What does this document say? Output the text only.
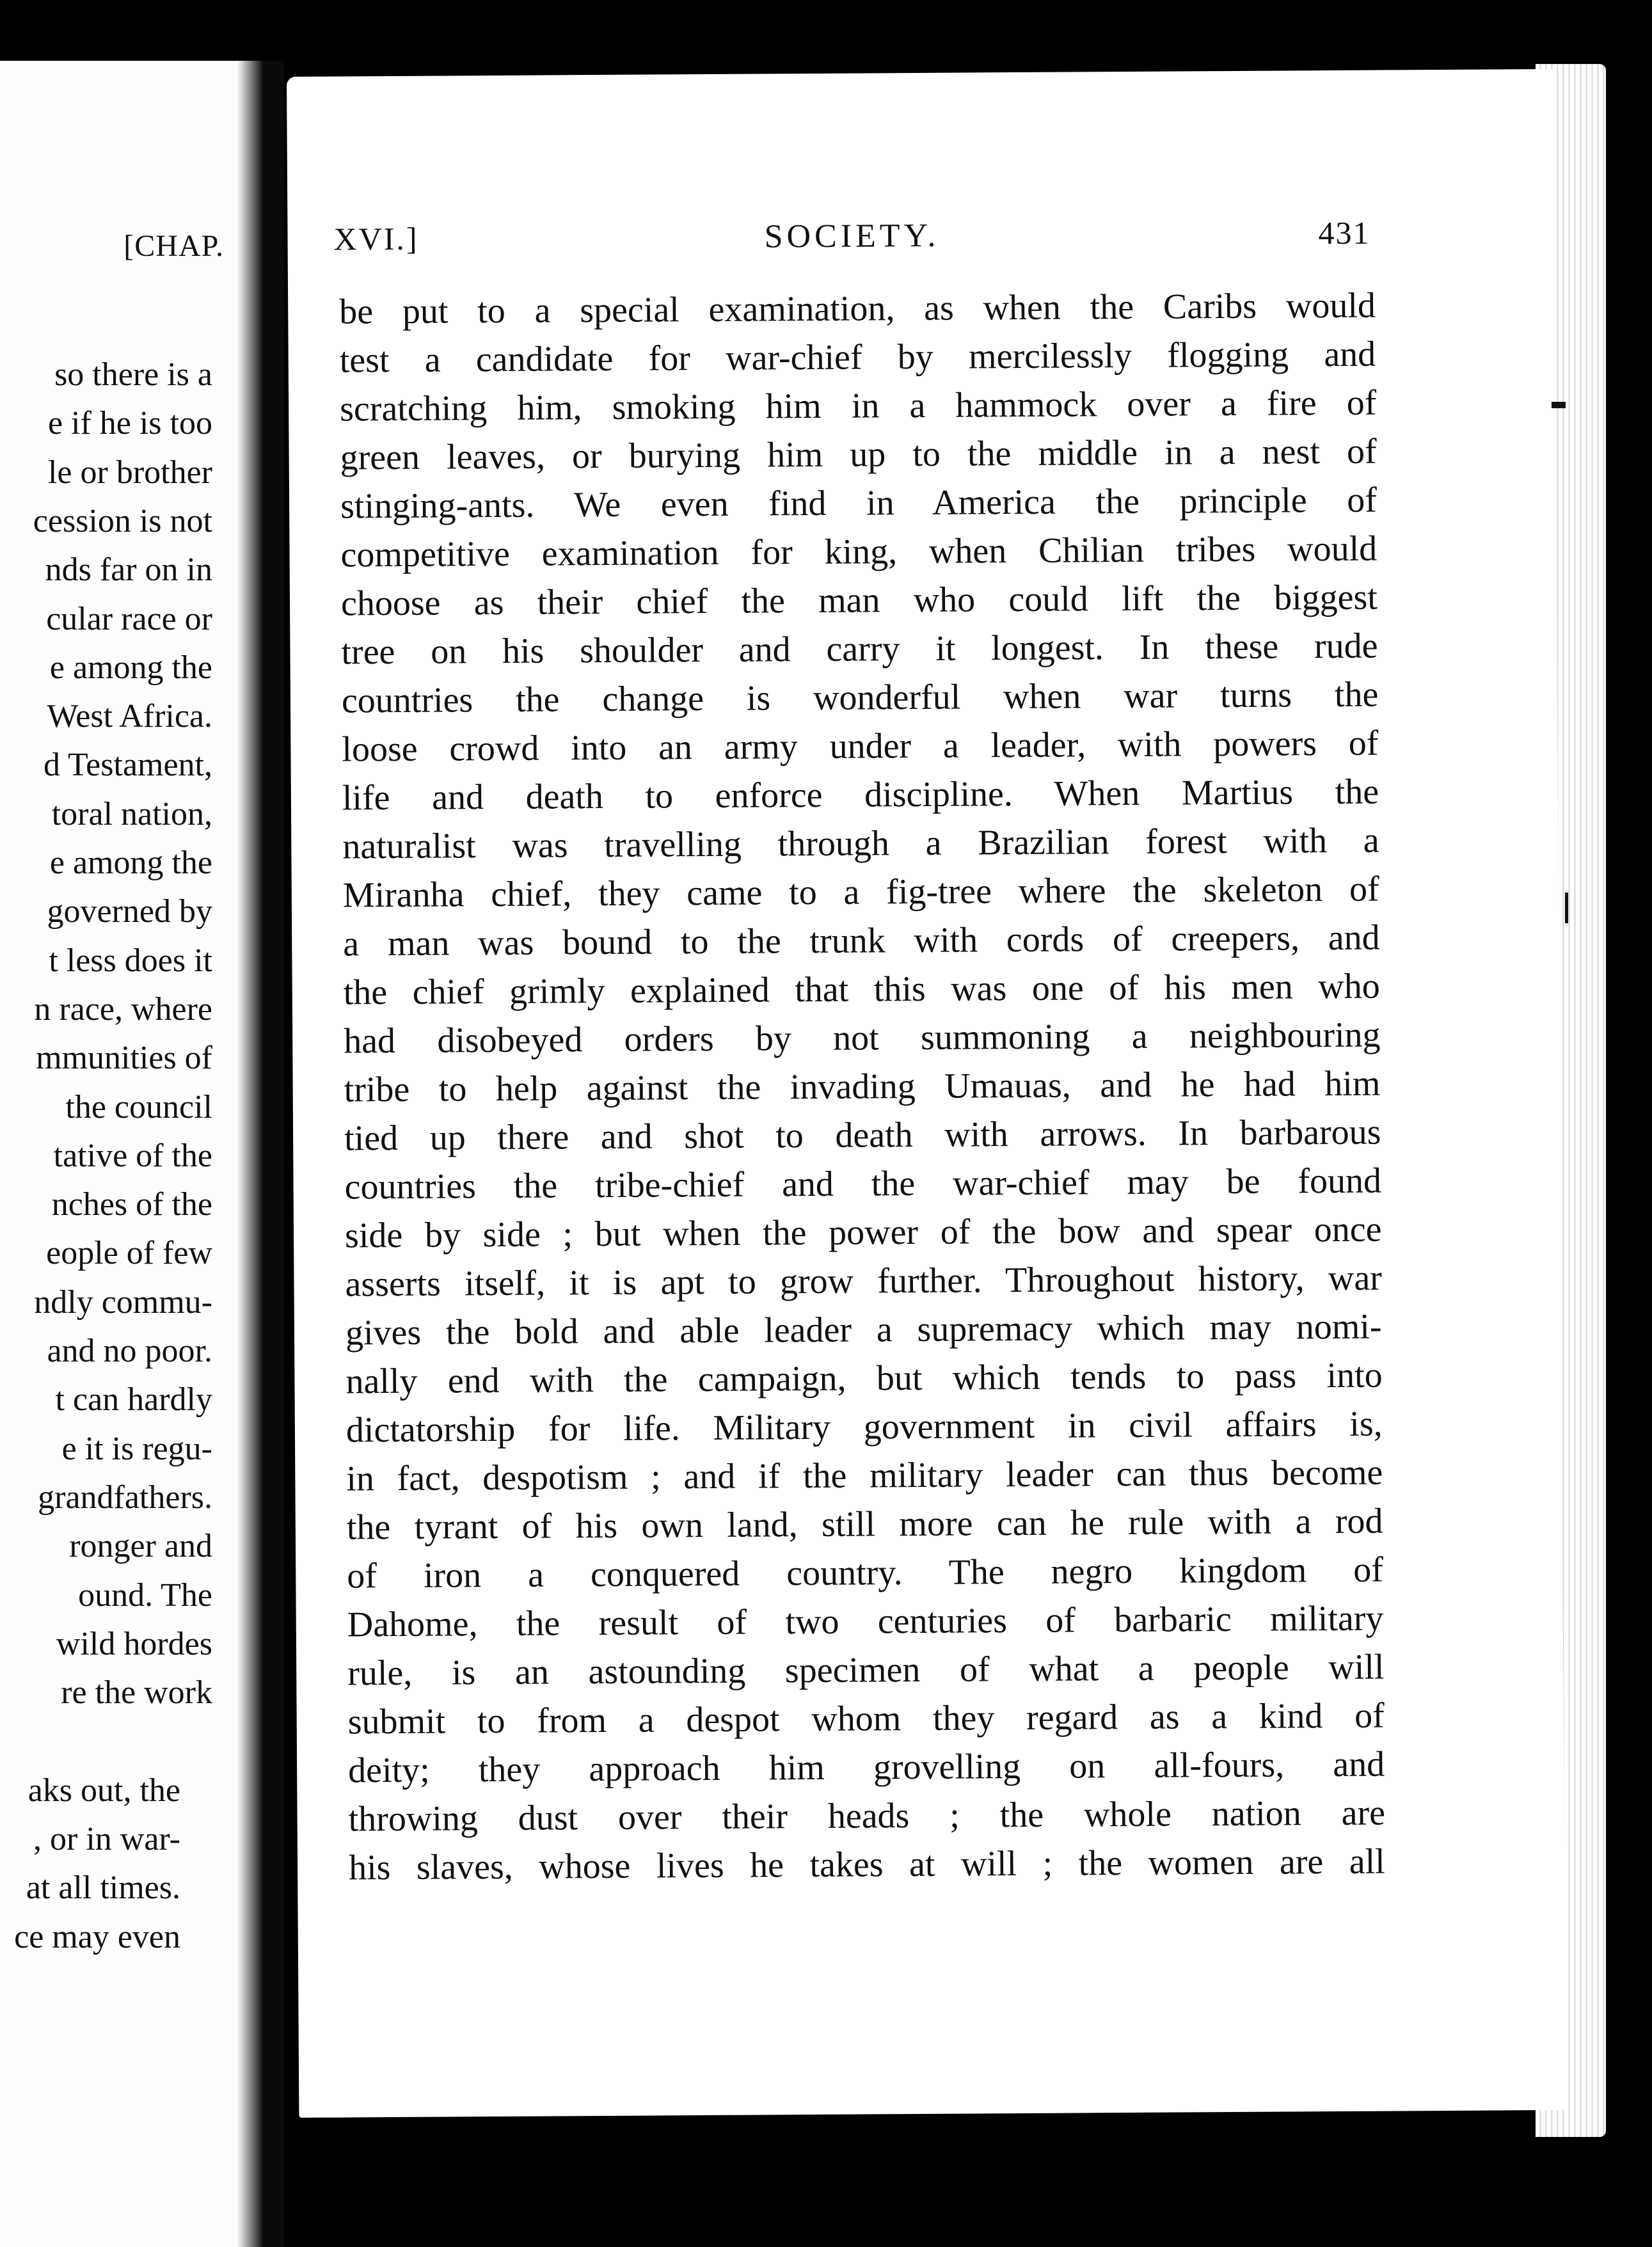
[CHAP.
so there is a
e if he is too
le or brother
cession is not
nds far on in
cular race or
e among the
West Africa.
d Testament,
toral nation,
e among the
governed by
t less does it
n race, where
mmunities of
the council
tative of the
nches of the
eople of few
ndly commu-
and no poor.
t can hardly
e it is regu-
grandfathers.
ronger and
ound. The
wild hordes
re the work
aks out, the
, or in war-
at all times.
ce may even
XVI.]	SOCIETY.	431
be put to a special examination, as when the Caribs would
test a candidate for war-chief by mercilessly flogging and
scratching him, smoking him in a hammock over a fire of
green leaves, or burying him up to the middle in a nest of
stinging-ants. We even find in America the principle of
competitive examination for king, when Chilian tribes would
choose as their chief the man who could lift the biggest
tree on his shoulder and carry it longest. In these rude
countries the change is wonderful when war turns the
loose crowd into an army under a leader, with powers of
life and death to enforce discipline. When Martius the
naturalist was travelling through a Brazilian forest with a
Miranha chief, they came to a fig-tree where the skeleton of
a man was bound to the trunk with cords of creepers, and
the chief grimly explained that this was one of his men who
had disobeyed orders by not summoning a neighbouring
tribe to help against the invading Umauas, and he had him
tied up there and shot to death with arrows. In barbarous
countries the tribe-chief and the war-chief may be found
side by side ; but when the power of the bow and spear once
asserts itself, it is apt to grow further. Throughout history, war
gives the bold and able leader a supremacy which may nomi-
nally end with the campaign, but which tends to pass into
dictatorship for life. Military government in civil affairs is,
in fact, despotism ; and if the military leader can thus become
the tyrant of his own land, still more can he rule with a rod
of iron a conquered country. The negro kingdom of
Dahome, the result of two centuries of barbaric military
rule, is an astounding specimen of what a people will
submit to from a despot whom they regard as a kind of
deity; they approach him grovelling on all-fours, and
throwing dust over their heads ; the whole nation are
his slaves, whose lives he takes at will ; the women are all
